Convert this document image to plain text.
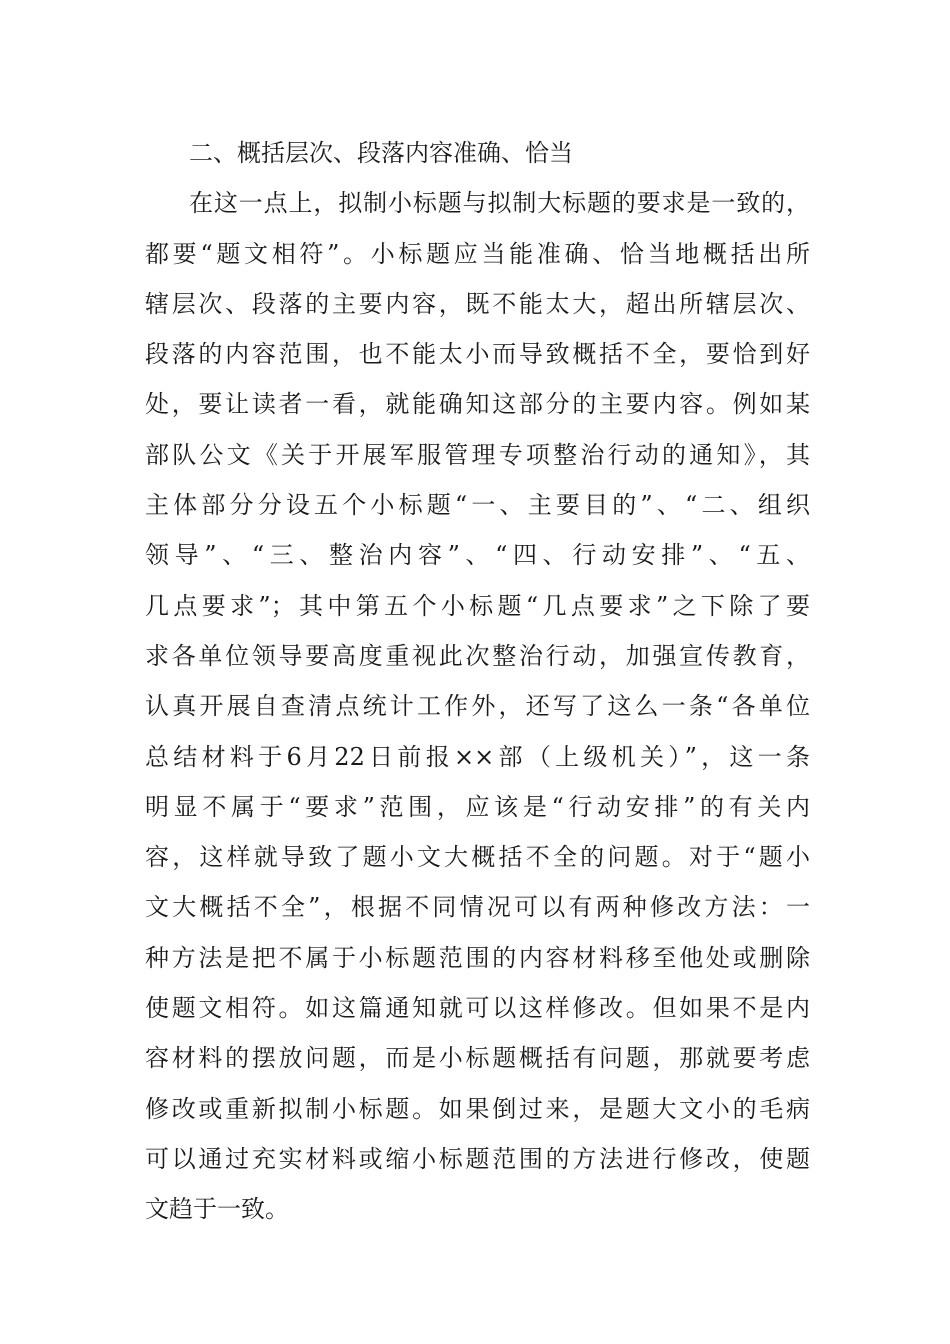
二、概括层次、段落内容准确、恰当
在这一点上，拟制小标题与拟制大标题的要求是一致的，
都要“题文相符”。小标题应当能准确、恰当地概括出所
辖层次、段落的主要内容，既不能太大，超出所辖层次、
段落的内容范围，也不能太小而导致概括不全，要恰到好
处，要让读者一看，就能确知这部分的主要内容。例如某
部队公文《关于开展军服管理专项整治行动的通知》，其
主体部分分设五个小标题“一、主要目的”、“二、组织
领导”、“三、整治内容”、“四、行动安排”、“五、
几点要求”；其中第五个小标题“几点要求”之下除了要
求各单位领导要高度重视此次整治行动，加强宣传教育，
认真开展自查清点统计工作外，还写了这么一条“各单位
总结材料于6月22日前报××部（上级机关）”，这一条
明显不属于“要求”范围，应该是“行动安排”的有关内
容，这样就导致了题小文大概括不全的问题。对于“题小
文大概括不全”，根据不同情况可以有两种修改方法：一
种方法是把不属于小标题范围的内容材料移至他处或删除
使题文相符。如这篇通知就可以这样修改。但如果不是内
容材料的摆放问题，而是小标题概括有问题，那就要考虑
修改或重新拟制小标题。如果倒过来，是题大文小的毛病
可以通过充实材料或缩小标题范围的方法进行修改，使题
文趋于一致。
